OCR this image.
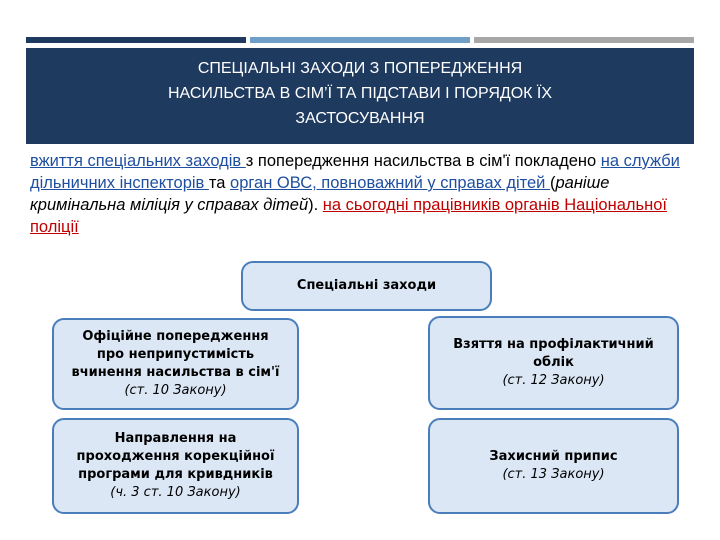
СПЕЦІАЛЬНІ ЗАХОДИ З ПОПЕРЕДЖЕННЯ
НАСИЛЬСТВА В СІМ’Ї ТА ПІДСТАВИ І ПОРЯДОК ЇХ
ЗАСТОСУВАННЯ
вжиття спеціальних заходів з попередження насильства в сім'ї покладено на служби дільничних інспекторів та орган ОВС, повноважний у справах дітей (раніше кримінальна міліція у справах дітей). на сьогодні працівників органів Національної поліції
Спеціальні заходи
Офіційне попередження
про неприпустимість
вчинення насильства в сім'ї
(ст. 10 Закону)
Взяття на профілактичний
облік
(ст. 12 Закону)
Направлення на
проходження корекційної
програми для кривдників
(ч. 3 ст. 10 Закону)
Захисний припис
(ст. 13 Закону)
